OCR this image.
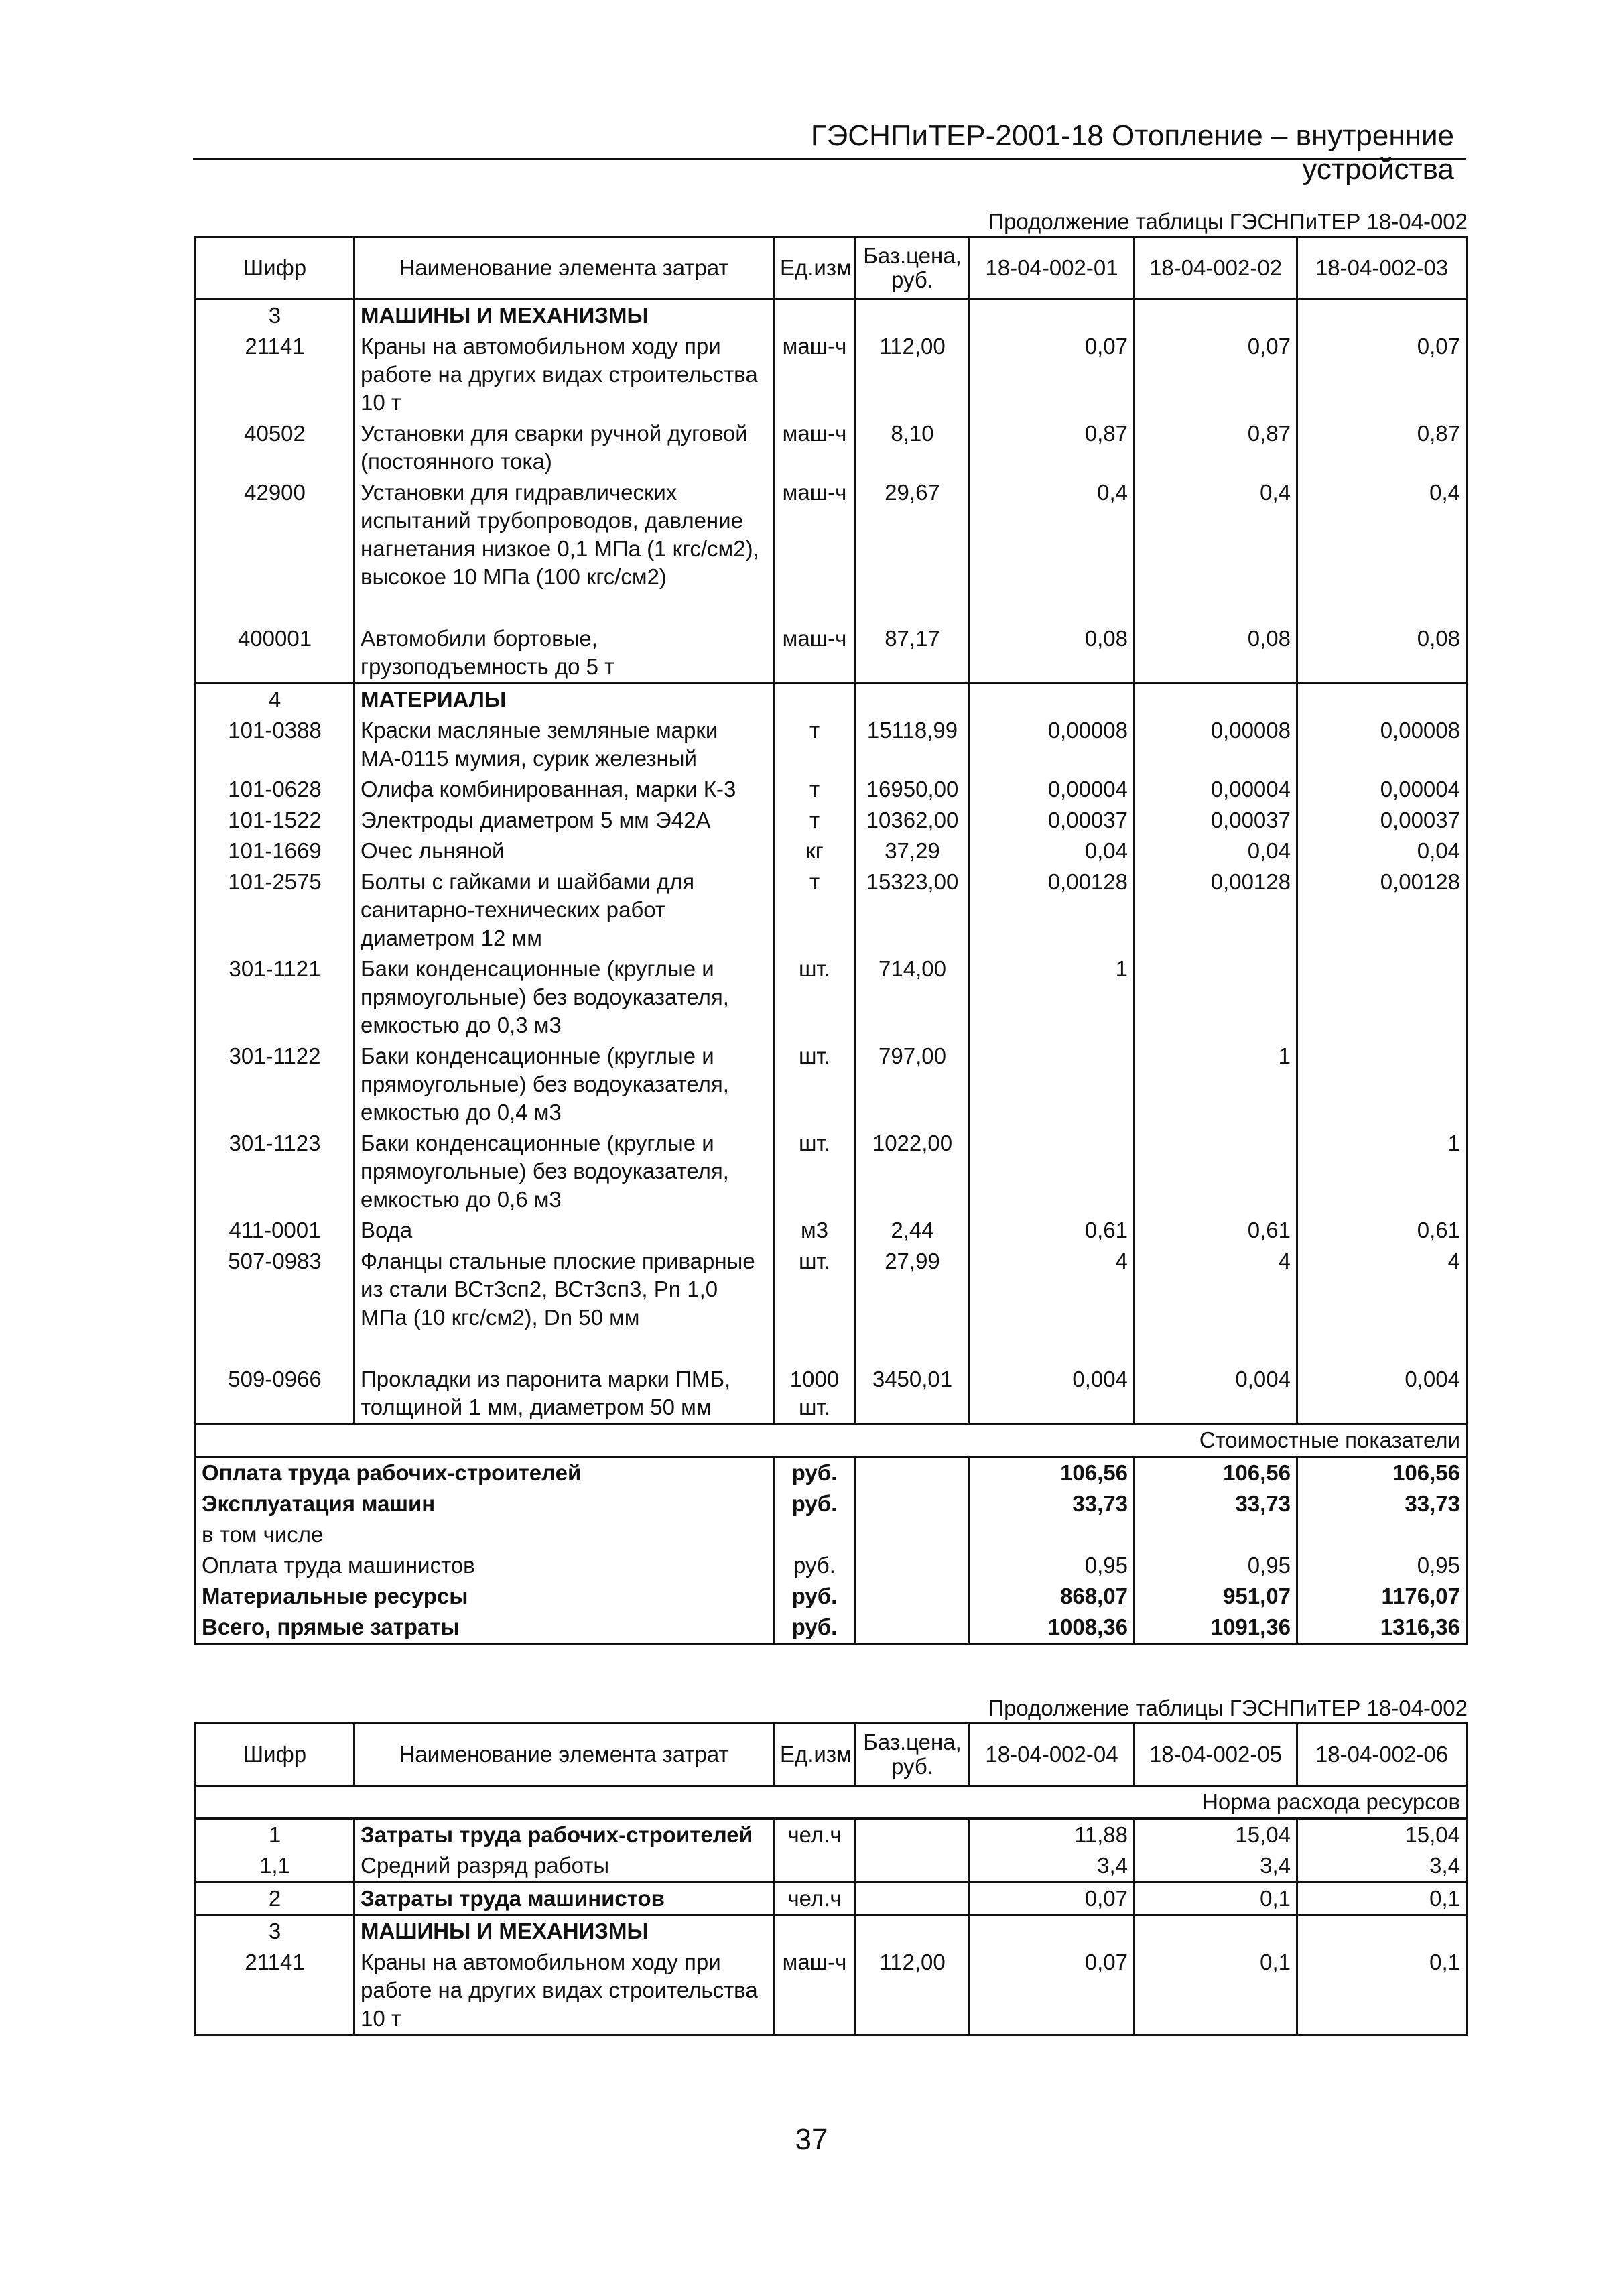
ГЭСНПиТЕР-2001-18 Отопление – внутренние устройства
Продолжение таблицы ГЭСНПиТЕР 18-04-002
Шифр	Наименование элемента затрат	Ед.изм	Баз.цена, руб.	18-04-002-01	18-04-002-02	18-04-002-03
3	МАШИНЫ И МЕХАНИЗМЫ					
21141	Краны на автомобильном ходу при работе на других видах строительства 10 т	маш-ч	112,00	0,07	0,07	0,07
40502	Установки для сварки ручной дуговой (постоянного тока)	маш-ч	8,10	0,87	0,87	0,87
42900	Установки для гидравлических испытаний трубопроводов, давление нагнетания низкое 0,1 МПа (1 кгс/см2), высокое 10 МПа (100 кгс/см2)	маш-ч	29,67	0,4	0,4	0,4

400001	Автомобили бортовые, грузоподъемность до 5 т	маш-ч	87,17	0,08	0,08	0,08
4	МАТЕРИАЛЫ					
101-0388	Краски масляные земляные марки МА-0115 мумия, сурик железный	т	15118,99	0,00008	0,00008	0,00008
101-0628	Олифа комбинированная, марки К-3	т	16950,00	0,00004	0,00004	0,00004
101-1522	Электроды диаметром 5 мм Э42А	т	10362,00	0,00037	0,00037	0,00037
101-1669	Очес льняной	кг	37,29	0,04	0,04	0,04
101-2575	Болты с гайками и шайбами для санитарно-технических работ диаметром 12 мм	т	15323,00	0,00128	0,00128	0,00128
301-1121	Баки конденсационные (круглые и прямоугольные) без водоуказателя, емкостью до 0,3 м3	шт.	714,00	1		
301-1122	Баки конденсационные (круглые и прямоугольные) без водоуказателя, емкостью до 0,4 м3	шт.	797,00		1	
301-1123	Баки конденсационные (круглые и прямоугольные) без водоуказателя, емкостью до 0,6 м3	шт.	1022,00			1
411-0001	Вода	м3	2,44	0,61	0,61	0,61
507-0983	Фланцы стальные плоские приварные из стали ВСт3сп2, ВСт3сп3, Pn 1,0 МПа (10 кгс/см2), Dn 50 мм	шт.	27,99	4	4	4

509-0966	Прокладки из паронита марки ПМБ, толщиной 1 мм, диаметром 50 мм	1000 шт.	3450,01	0,004	0,004	0,004
Стоимостные показатели						
Оплата труда рабочих-строителей		руб.		106,56	106,56	106,56
Эксплуатация машин		руб.		33,73	33,73	33,73
в том числе						
Оплата труда машинистов		руб.		0,95	0,95	0,95
Материальные ресурсы		руб.		868,07	951,07	1176,07
Всего, прямые затраты		руб.		1008,36	1091,36	1316,36
Продолжение таблицы ГЭСНПиТЕР 18-04-002
Шифр	Наименование элемента затрат	Ед.изм	Баз.цена, руб.	18-04-002-04	18-04-002-05	18-04-002-06
Норма расхода ресурсов						
1	Затраты труда рабочих-строителей	чел.ч		11,88	15,04	15,04
1,1	Средний разряд работы			3,4	3,4	3,4
2	Затраты труда машинистов	чел.ч		0,07	0,1	0,1
3	МАШИНЫ И МЕХАНИЗМЫ					
21141	Краны на автомобильном ходу при работе на других видах строительства 10 т	маш-ч	112,00	0,07	0,1	0,1
37
